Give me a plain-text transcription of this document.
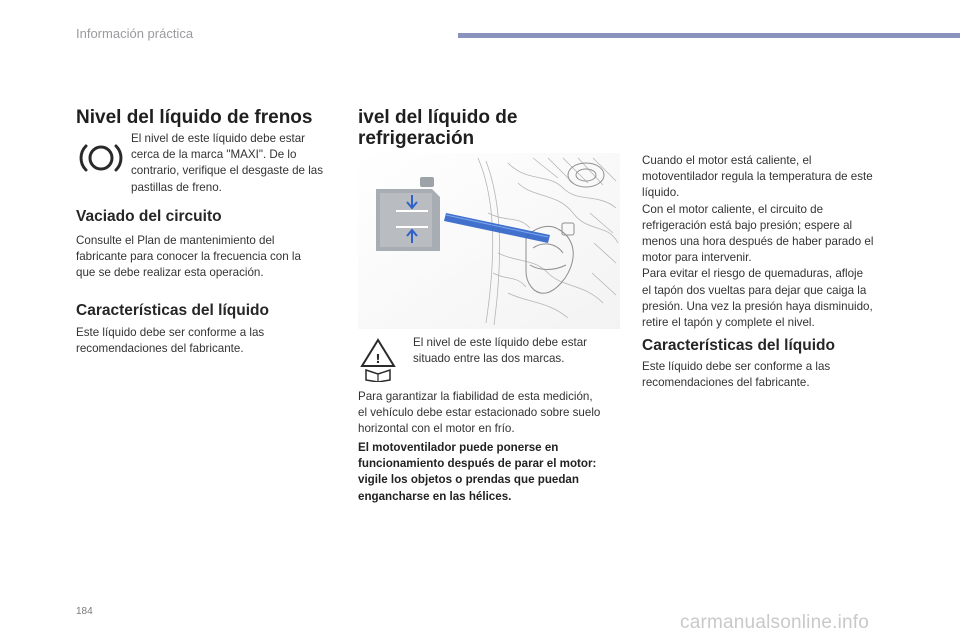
Información práctica
Nivel del líquido de frenos

El nivel de este líquido debe estar

cerca de la marca "MAXI". De lo

contrario, verifique el desgaste de las

pastillas de freno.

Vaciado del circuito

Consulte el Plan de mantenimiento del

fabricante para conocer la frecuencia con la

que se debe realizar esta operación.

Características del líquido

Este líquido debe ser conforme a las

recomendaciones del fabricante.

ivel del líquido de
refrigeración
!

El nivel de este líquido debe estar

situado entre las dos marcas.

Para garantizar la fiabilidad de esta medición,

el vehículo debe estar estacionado sobre suelo

horizontal con el motor en frío.

El motoventilador puede ponerse en

funcionamiento después de parar el motor:

vigile los objetos o prendas que puedan

engancharse en las hélices.

Cuando el motor está caliente, el

motoventilador regula la temperatura de este

líquido.

Con el motor caliente, el circuito de

refrigeración está bajo presión; espere al

menos una hora después de haber parado el

motor para intervenir.

Para evitar el riesgo de quemaduras, afloje

el tapón dos vueltas para dejar que caiga la

presión. Una vez la presión haya disminuido,

retire el tapón y complete el nivel.

Características del líquido

Este líquido debe ser conforme a las

recomendaciones del fabricante.

184
carmanualsonline.info
